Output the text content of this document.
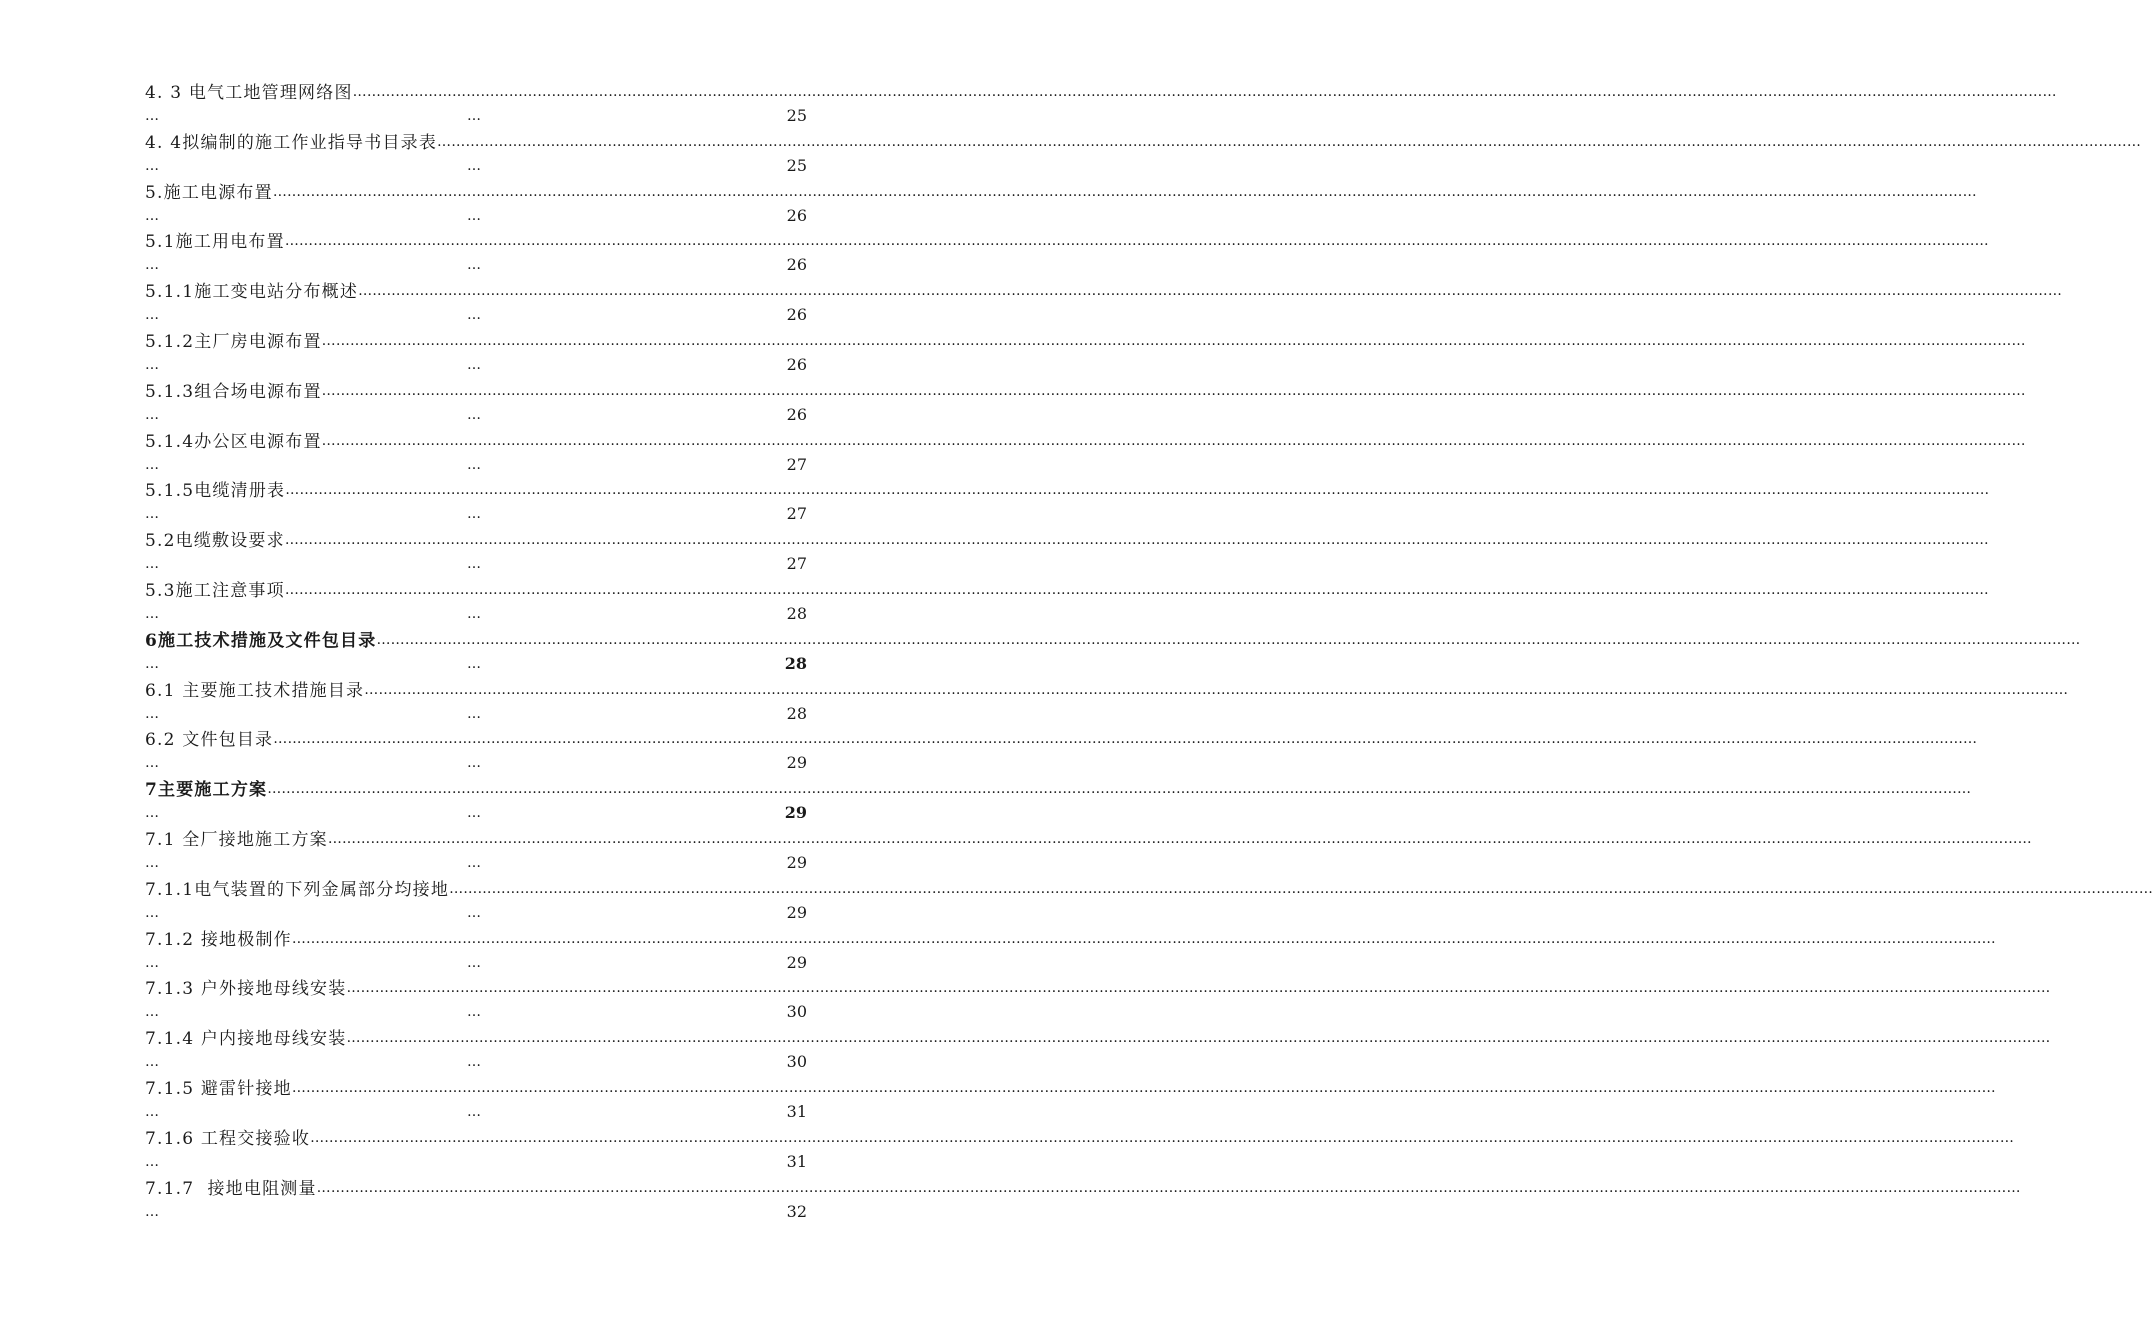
4. 3 电气工地管理网络图 ………………………………………………………………………………………………………………………………………………………………………………………………………………………………………………………………………………………………………………………………
…	…	25
4. 4拟编制的施工作业指导书目录表 ………………………………………………………………………………………………………………………………………………………………………………………………………………………………………………………………………………………………………………………………
…	…	25
5.施工电源布置 ………………………………………………………………………………………………………………………………………………………………………………………………………………………………………………………………………………………………………………………………
…	…	26
5.1施工用电布置 ………………………………………………………………………………………………………………………………………………………………………………………………………………………………………………………………………………………………………………………………
…	…	26
5.1.1施工变电站分布概述 ………………………………………………………………………………………………………………………………………………………………………………………………………………………………………………………………………………………………………………………………
…	…	26
5.1.2主厂房电源布置 ………………………………………………………………………………………………………………………………………………………………………………………………………………………………………………………………………………………………………………………………
…	…	26
5.1.3组合场电源布置 ………………………………………………………………………………………………………………………………………………………………………………………………………………………………………………………………………………………………………………………………
…	…	26
5.1.4办公区电源布置 ………………………………………………………………………………………………………………………………………………………………………………………………………………………………………………………………………………………………………………………………
…	…	27
5.1.5电缆清册表 ………………………………………………………………………………………………………………………………………………………………………………………………………………………………………………………………………………………………………………………………
…	…	27
5.2电缆敷设要求 ………………………………………………………………………………………………………………………………………………………………………………………………………………………………………………………………………………………………………………………………
…	…	27
5.3施工注意事项 ………………………………………………………………………………………………………………………………………………………………………………………………………………………………………………………………………………………………………………………………
…	…	28
6施工技术措施及文件包目录 ………………………………………………………………………………………………………………………………………………………………………………………………………………………………………………………………………………………………………………………………
…	…	28
6.1 主要施工技术措施目录 ………………………………………………………………………………………………………………………………………………………………………………………………………………………………………………………………………………………………………………………………
…	…	28
6.2 文件包目录 ………………………………………………………………………………………………………………………………………………………………………………………………………………………………………………………………………………………………………………………………
…	…	29
7主要施工方案 ………………………………………………………………………………………………………………………………………………………………………………………………………………………………………………………………………………………………………………………………
…	…	29
7.1 全厂接地施工方案 ………………………………………………………………………………………………………………………………………………………………………………………………………………………………………………………………………………………………………………………………
…	…	29
7.1.1电气装置的下列金属部分均接地 ………………………………………………………………………………………………………………………………………………………………………………………………………………………………………………………………………………………………………………………………
…	…	29
7.1.2 接地极制作 ………………………………………………………………………………………………………………………………………………………………………………………………………………………………………………………………………………………………………………………………
…	…	29
7.1.3 户外接地母线安装 ………………………………………………………………………………………………………………………………………………………………………………………………………………………………………………………………………………………………………………………………
…	…	30
7.1.4 户内接地母线安装 ………………………………………………………………………………………………………………………………………………………………………………………………………………………………………………………………………………………………………………………………
…	…	30
7.1.5 避雷针接地 ………………………………………………………………………………………………………………………………………………………………………………………………………………………………………………………………………………………………………………………………
…	…	31
7.1.6 工程交接验收 ………………………………………………………………………………………………………………………………………………………………………………………………………………………………………………………………………………………………………………………………
…	31
7.1.7  接地电阻测量 ………………………………………………………………………………………………………………………………………………………………………………………………………………………………………………………………………………………………………………………………
…	32
